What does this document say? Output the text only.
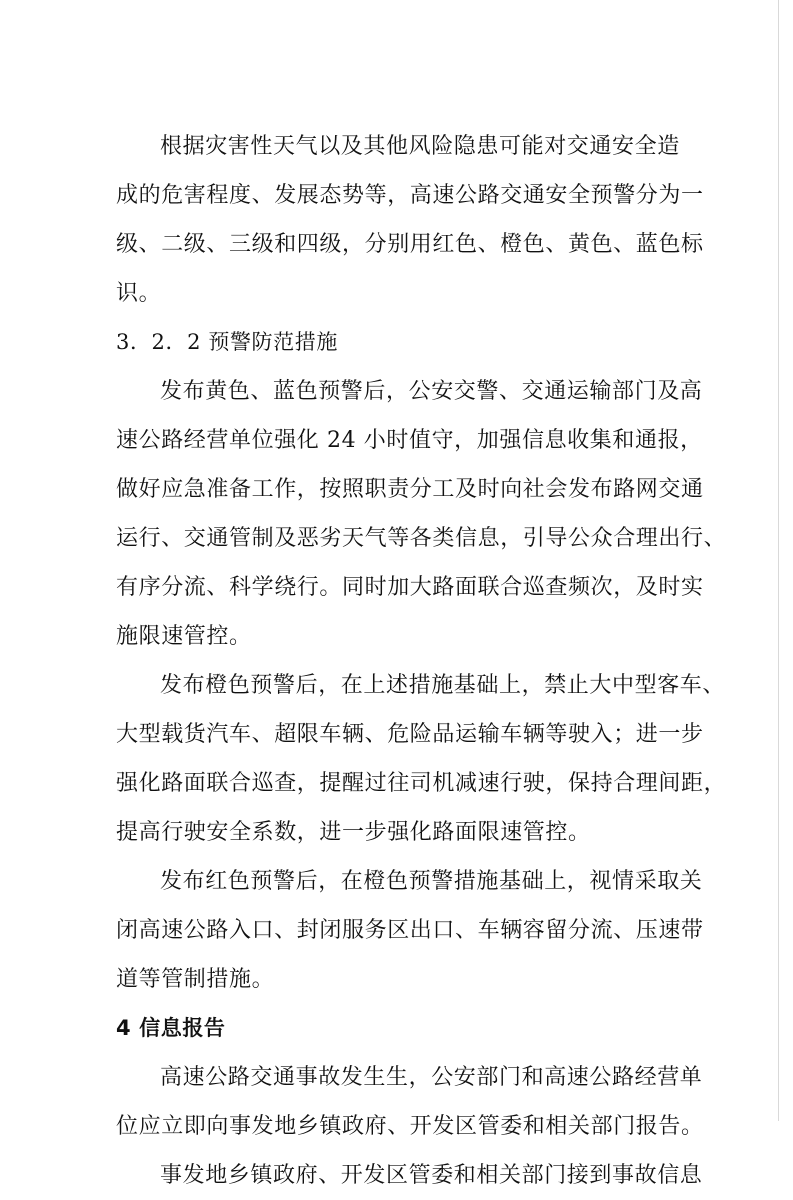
根据灾害性天气以及其他风险隐患可能对交通安全造
成的危害程度、发展态势等，高速公路交通安全预警分为一
级、二级、三级和四级，分别用红色、橙色、黄色、蓝色标
识。
3．2．2 预警防范措施
发布黄色、蓝色预警后，公安交警、交通运输部门及高
速公路经营单位强化 24 小时值守，加强信息收集和通报，
做好应急准备工作，按照职责分工及时向社会发布路网交通
运行、交通管制及恶劣天气等各类信息，引导公众合理出行、
有序分流、科学绕行。同时加大路面联合巡查频次，及时实
施限速管控。
发布橙色预警后，在上述措施基础上，禁止大中型客车、
大型载货汽车、超限车辆、危险品运输车辆等驶入；进一步
强化路面联合巡查，提醒过往司机减速行驶，保持合理间距，
提高行驶安全系数，进一步强化路面限速管控。
发布红色预警后，在橙色预警措施基础上，视情采取关
闭高速公路入口、封闭服务区出口、车辆容留分流、压速带
道等管制措施。
4 信息报告
高速公路交通事故发生生，公安部门和高速公路经营单
位应立即向事发地乡镇政府、开发区管委和相关部门报告。
事发地乡镇政府、开发区管委和相关部门接到事故信息
